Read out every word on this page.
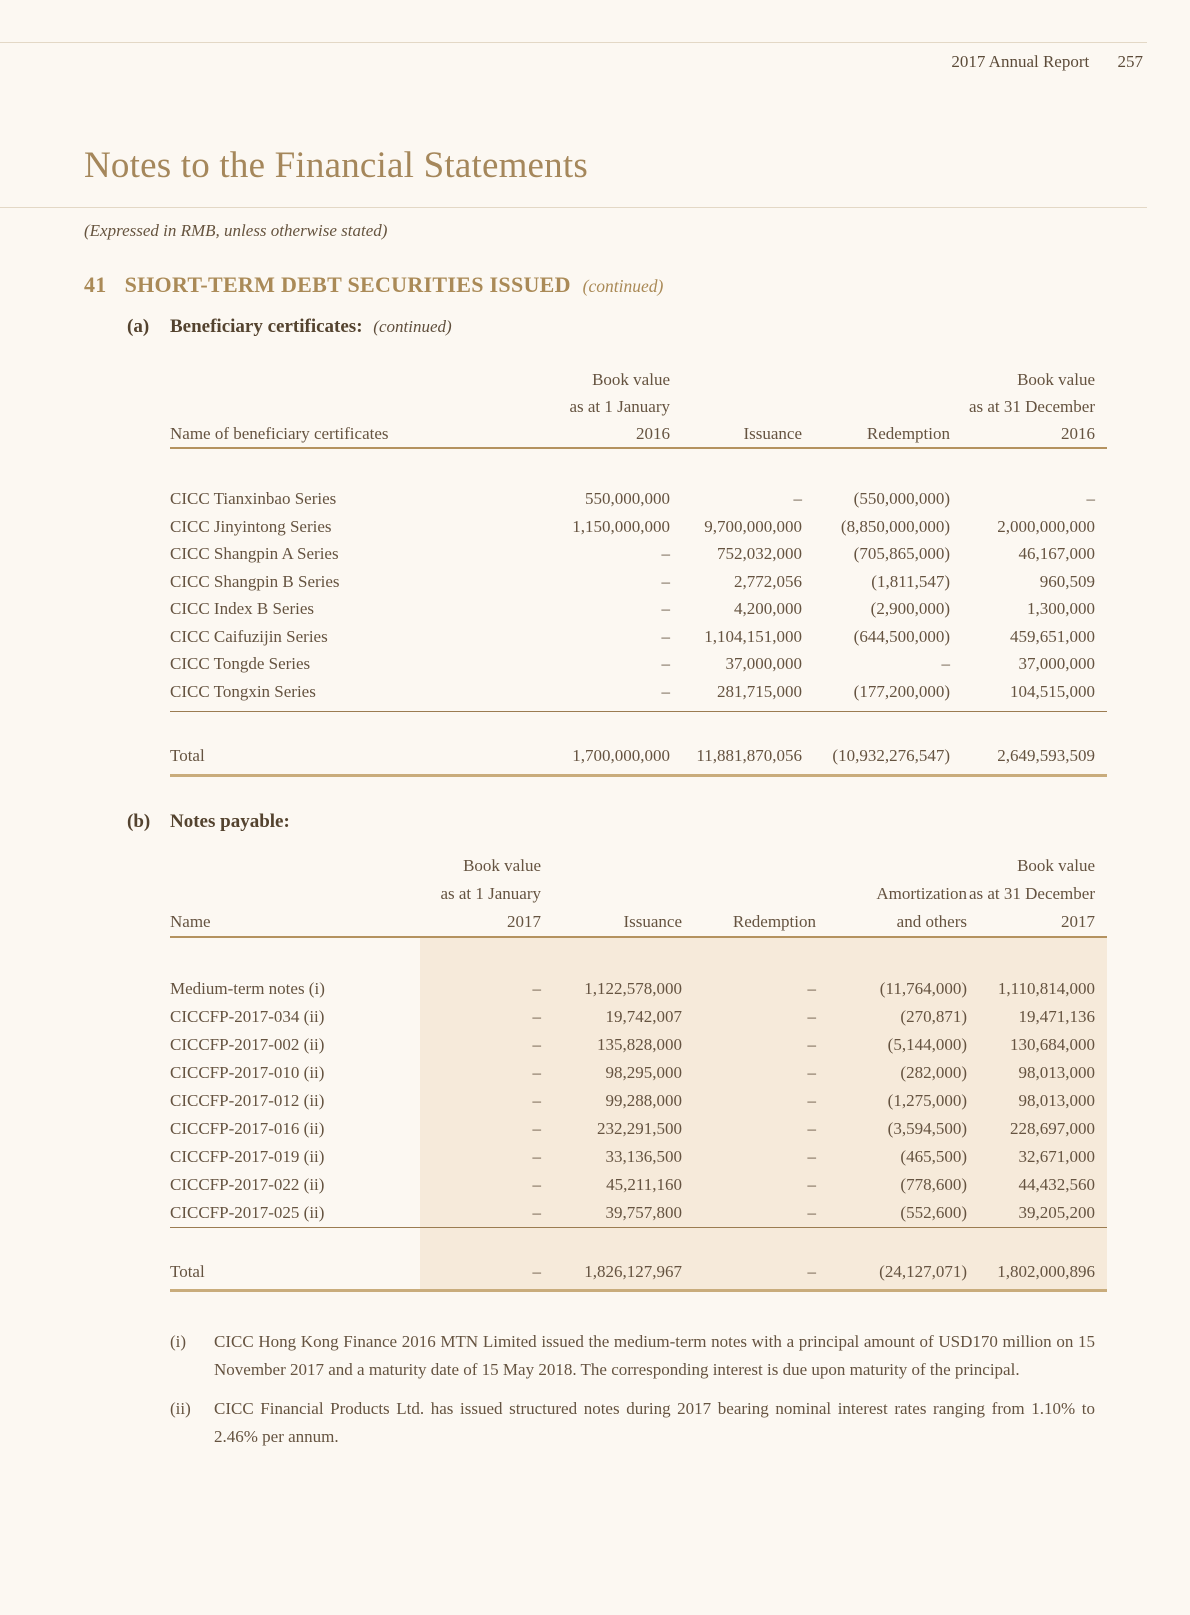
2017 Annual Report 257
Notes to the Financial Statements
(Expressed in RMB, unless otherwise stated)
41 SHORT-TERM DEBT SECURITIES ISSUED (continued)
(a) Beneficiary certificates: (continued)
Name of beneficiary certificates
Book value
as at 1 January
2016	Issuance	Redemption
Book value
as at 31 December
2016
CICC Tianxinbao Series	550,000,000	–	(550,000,000)	–
CICC Jinyintong Series	1,150,000,000	9,700,000,000	(8,850,000,000)	2,000,000,000
CICC Shangpin A Series	–	752,032,000	(705,865,000)	46,167,000
CICC Shangpin B Series	–	2,772,056	(1,811,547)	960,509
CICC Index B Series	–	4,200,000	(2,900,000)	1,300,000
CICC Caifuzijin Series	–	1,104,151,000	(644,500,000)	459,651,000
CICC Tongde Series	–	37,000,000	–	37,000,000
CICC Tongxin Series	–	281,715,000	(177,200,000)	104,515,000
Total	1,700,000,000	11,881,870,056	(10,932,276,547)	2,649,593,509
(b) Notes payable:
Name
Book value
as at 1 January
2017	Issuance	Redemption
Amortization
and others
Book value
as at 31 December
2017
Medium-term notes (i)	–	1,122,578,000	–	(11,764,000)	1,110,814,000
CICCFP-2017-034 (ii)	–	19,742,007	–	(270,871)	19,471,136
CICCFP-2017-002 (ii)	–	135,828,000	–	(5,144,000)	130,684,000
CICCFP-2017-010 (ii)	–	98,295,000	–	(282,000)	98,013,000
CICCFP-2017-012 (ii)	–	99,288,000	–	(1,275,000)	98,013,000
CICCFP-2017-016 (ii)	–	232,291,500	–	(3,594,500)	228,697,000
CICCFP-2017-019 (ii)	–	33,136,500	–	(465,500)	32,671,000
CICCFP-2017-022 (ii)	–	45,211,160	–	(778,600)	44,432,560
CICCFP-2017-025 (ii)	–	39,757,800	–	(552,600)	39,205,200
Total	–	1,826,127,967	–	(24,127,071)	1,802,000,896
(i)	CICC Hong Kong Finance 2016 MTN Limited issued the medium-term notes with a principal amount of USD170 million on 15 November 2017 and a maturity date of 15 May 2018. The corresponding interest is due upon maturity of the principal.
(ii)	CICC Financial Products Ltd. has issued structured notes during 2017 bearing nominal interest rates ranging from 1.10% to 2.46% per annum.
